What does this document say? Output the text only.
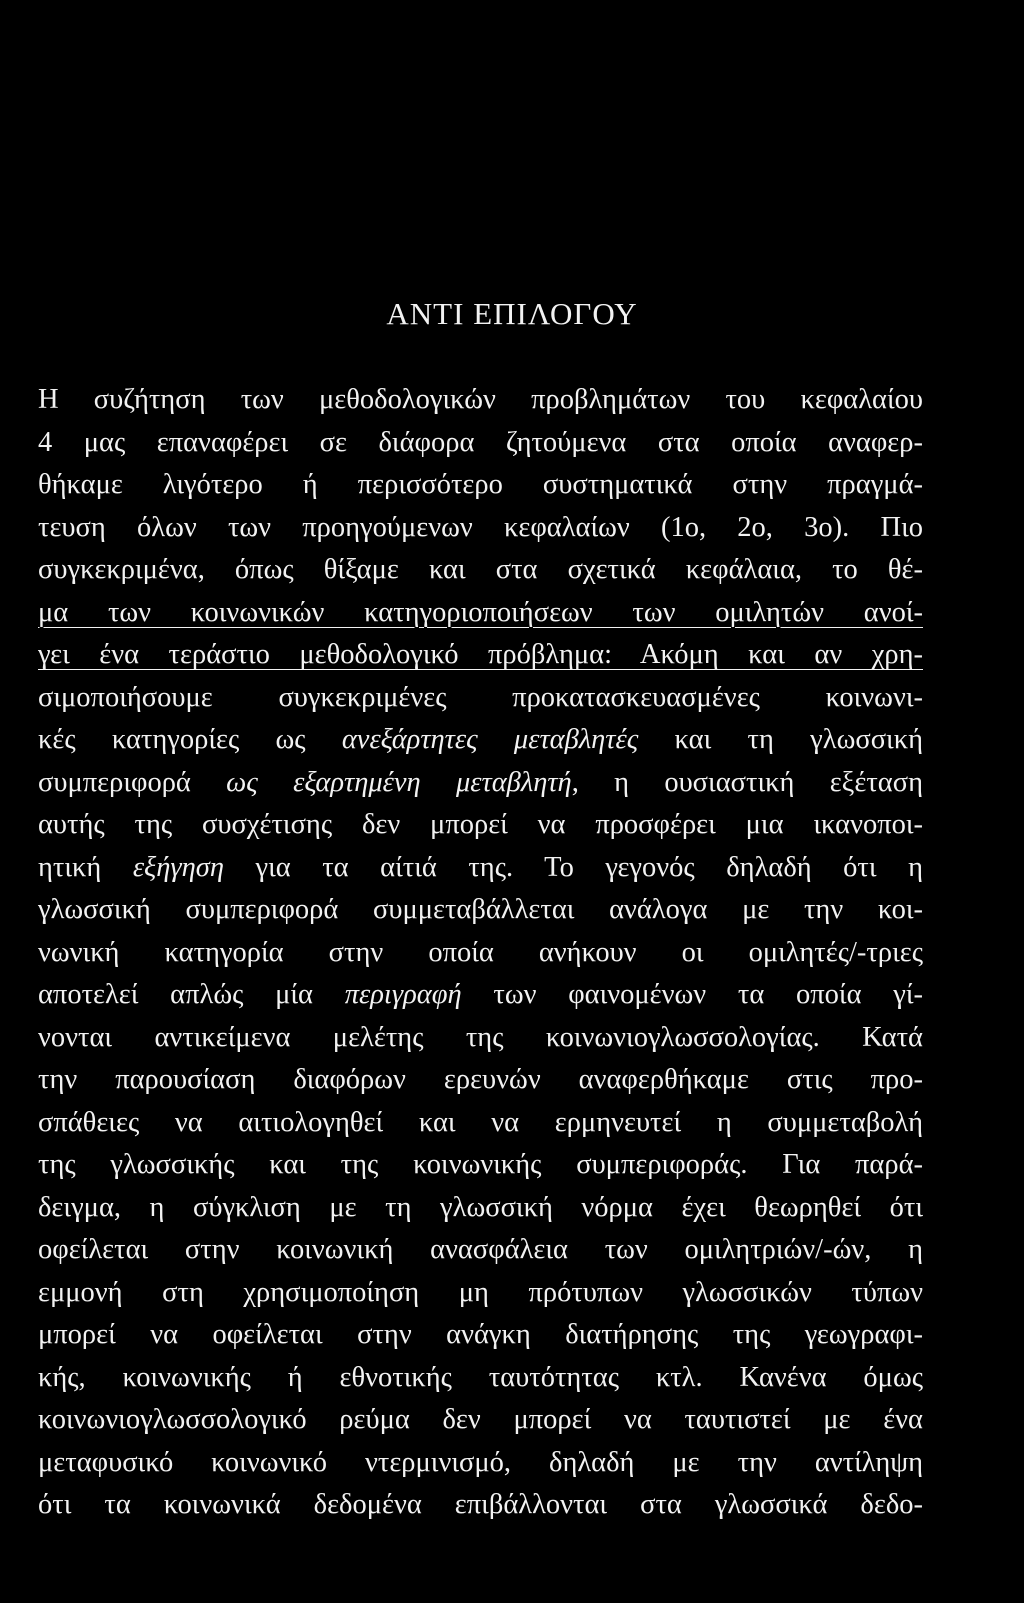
ΑΝΤΙ ΕΠΙΛΟΓΟΥ
Η συζήτηση των μεθοδολογικών προβλημάτων του κεφαλαίου
4 μας επαναφέρει σε διάφορα ζητούμενα στα οποία αναφερ-
θήκαμε λιγότερο ή περισσότερο συστηματικά στην πραγμά-
τευση όλων των προηγούμενων κεφαλαίων (1ο, 2ο, 3ο). Πιο
συγκεκριμένα, όπως θίξαμε και στα σχετικά κεφάλαια, το θέ-
μα των κοινωνικών κατηγοριοποιήσεων των ομιλητών ανοί-
γει ένα τεράστιο μεθοδολογικό πρόβλημα: Ακόμη και αν χρη-
σιμοποιήσουμε συγκεκριμένες προκατασκευασμένες κοινωνι-
κές κατηγορίες ως ανεξάρτητες μεταβλητές και τη γλωσσική
συμπεριφορά ως εξαρτημένη μεταβλητή, η ουσιαστική εξέταση
αυτής της συσχέτισης δεν μπορεί να προσφέρει μια ικανοποι-
ητική εξήγηση για τα αίτιά της. Το γεγονός δηλαδή ότι η
γλωσσική συμπεριφορά συμμεταβάλλεται ανάλογα με την κοι-
νωνική κατηγορία στην οποία ανήκουν οι ομιλητές/-τριες
αποτελεί απλώς μία περιγραφή των φαινομένων τα οποία γί-
νονται αντικείμενα μελέτης της κοινωνιογλωσσολογίας. Κατά
την παρουσίαση διαφόρων ερευνών αναφερθήκαμε στις προ-
σπάθειες να αιτιολογηθεί και να ερμηνευτεί η συμμεταβολή
της γλωσσικής και της κοινωνικής συμπεριφοράς. Για παρά-
δειγμα, η σύγκλιση με τη γλωσσική νόρμα έχει θεωρηθεί ότι
οφείλεται στην κοινωνική ανασφάλεια των ομιλητριών/-ών, η
εμμονή στη χρησιμοποίηση μη πρότυπων γλωσσικών τύπων
μπορεί να οφείλεται στην ανάγκη διατήρησης της γεωγραφι-
κής, κοινωνικής ή εθνοτικής ταυτότητας κτλ. Κανένα όμως
κοινωνιογλωσσολογικό ρεύμα δεν μπορεί να ταυτιστεί με ένα
μεταφυσικό κοινωνικό ντερμινισμό, δηλαδή με την αντίληψη
ότι τα κοινωνικά δεδομένα επιβάλλονται στα γλωσσικά δεδο-
